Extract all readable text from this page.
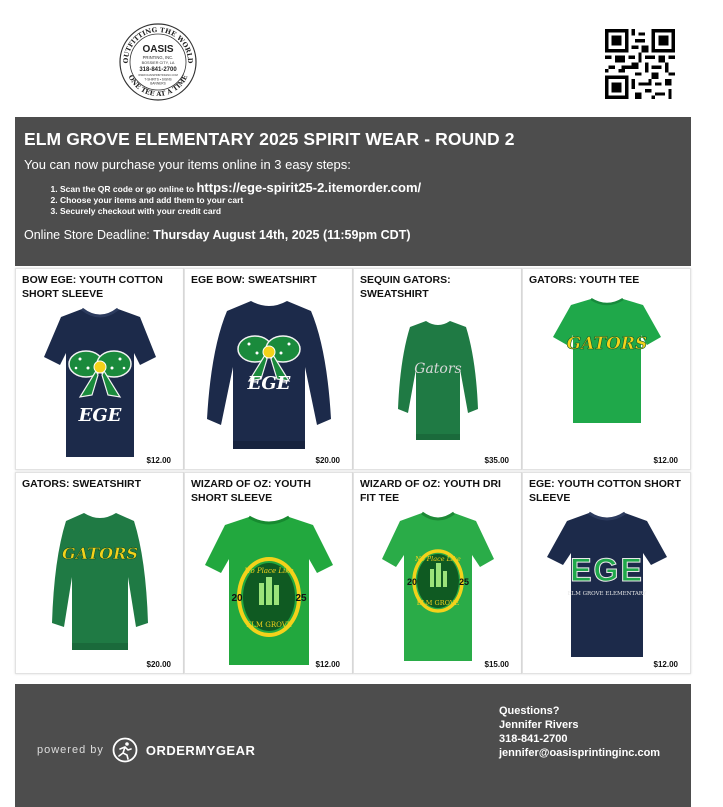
OUTFITTING THE WORLD
ONE TEE AT A TIME
OASIS
PRINTING, INC.
BOSSIER CITY, LA
318-841-2700
WWW.OASISPRINTINGINC.COM
T-SHIRTS • SIGNS
BANNERS
ELM GROVE ELEMENTARY 2025 SPIRIT WEAR - ROUND 2
You can now purchase your items online in 3 easy steps:
1. Scan the QR code or go online to https://ege-spirit25-2.itemorder.com/
2. Choose your items and add them to your cart
3. Securely checkout with your credit card
Online Store Deadline: Thursday August 14th, 2025 (11:59pm CDT)
EGE
BOW EGE: YOUTH COTTON SHORT SLEEVE
$12.00
EGE
EGE BOW: SWEATSHIRT
$20.00
Gators
SEQUIN GATORS: SWEATSHIRT
$35.00
GATORS
GATORS: YOUTH TEE
$12.00
GATORS
GATORS: SWEATSHIRT
$20.00
No Place Like
20	25
ELM GROVE
WIZARD OF OZ: YOUTH SHORT SLEEVE
$12.00
No Place Like
20	25
ELM GROVE
WIZARD OF OZ: YOUTH DRI FIT TEE
$15.00
EGE
ELM GROVE ELEMENTARY
EGE: YOUTH COTTON SHORT SLEEVE
$12.00
powered by	ORDERMYGEAR
Questions?
Jennifer Rivers
318-841-2700
jennifer@oasisprintinginc.com
